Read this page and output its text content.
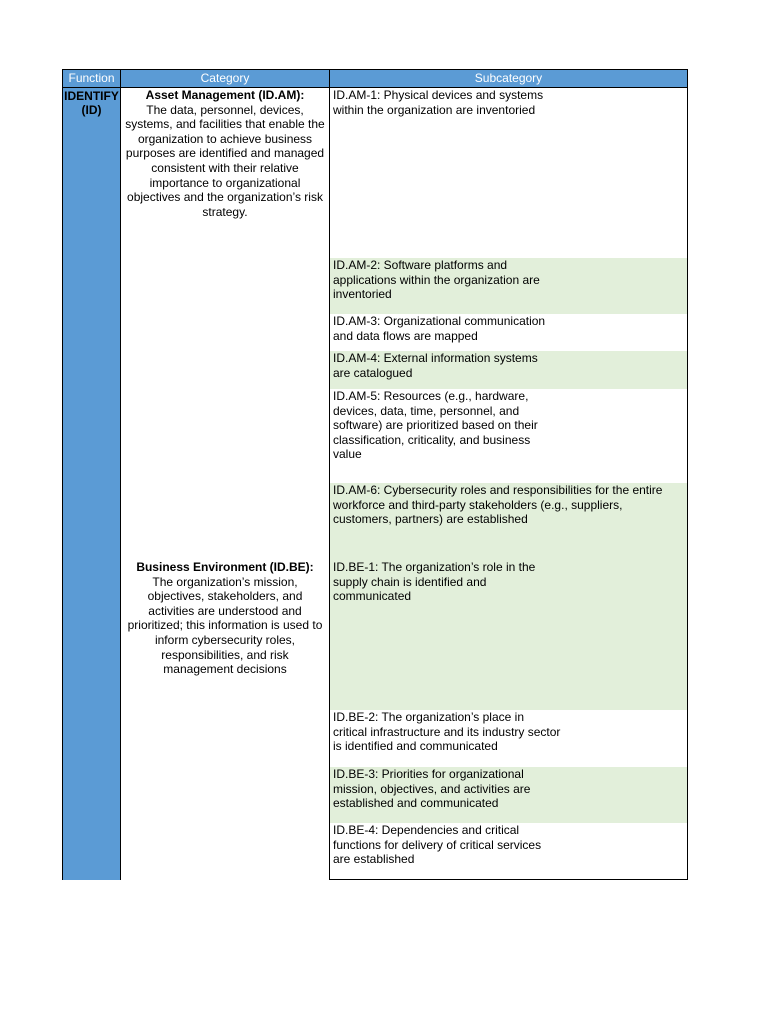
Function	Category	Subcategory
IDENTIFY
(ID)
Asset Management (ID.AM):
The data, personnel, devices, systems, and facilities that enable the organization to achieve business purposes are identified and managed consistent with their relative importance to organizational objectives and the organization’s risk strategy.
Business Environment (ID.BE):
The organization’s mission, objectives, stakeholders, and activities are understood and prioritized; this information is used to inform cybersecurity roles, responsibilities, and risk management decisions
ID.AM-1: Physical devices and systems
within the organization are inventoried
ID.AM-2: Software platforms and
applications within the organization are
inventoried
ID.AM-3: Organizational communication
and data flows are mapped
ID.AM-4: External information systems
are catalogued
ID.AM-5: Resources (e.g., hardware,
devices, data, time, personnel, and
software) are prioritized based on their
classification, criticality, and business
value
ID.AM-6: Cybersecurity roles and responsibilities for the entire
workforce and third-party stakeholders (e.g., suppliers,
customers, partners) are established
ID.BE-1: The organization’s role in the
supply chain is identified and
communicated
ID.BE-2: The organization’s place in
critical infrastructure and its industry sector
is identified and communicated
ID.BE-3: Priorities for organizational
mission, objectives, and activities are
established and communicated
ID.BE-4: Dependencies and critical
functions for delivery of critical services
are established
